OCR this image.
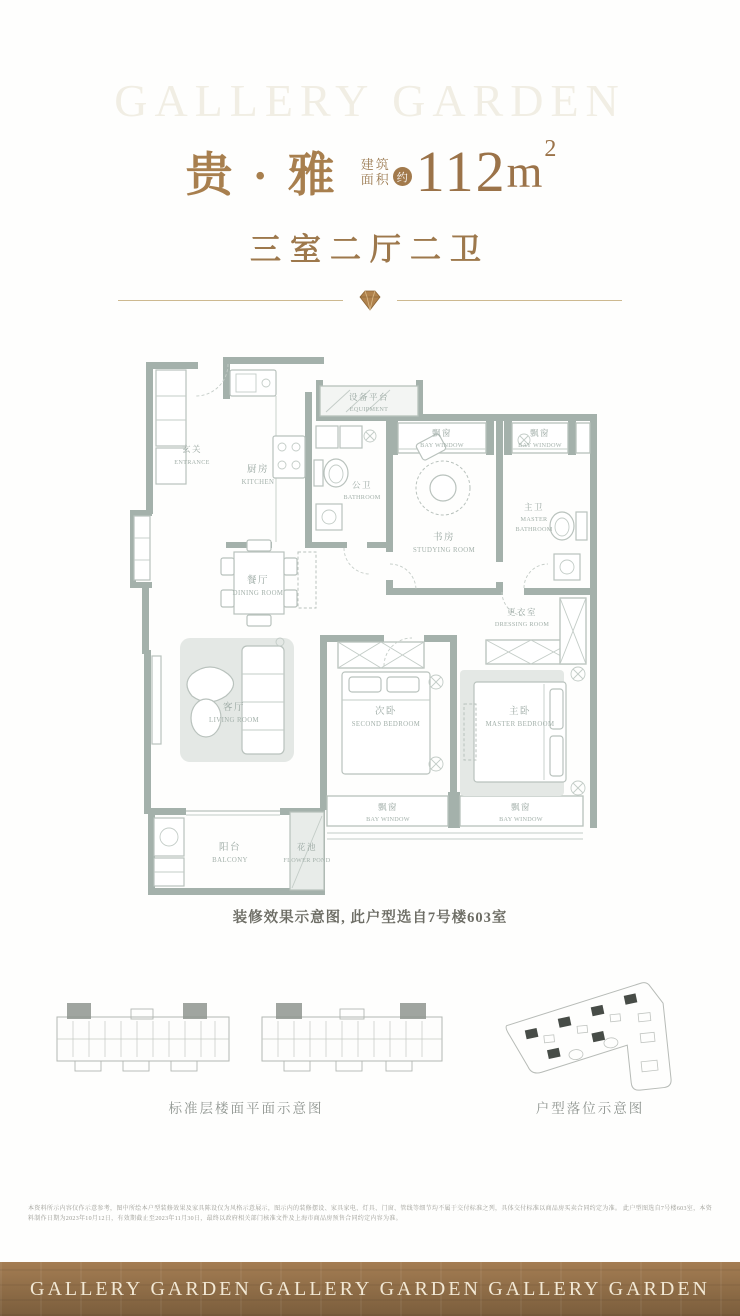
GALLERY GARDEN
贵 · 雅 建筑
面积 约 112 $m^2$
三室二厅二卫
玄关
ENTRANCE
厨房
KITCHEN
设备平台
EQUIPMENT
公卫
BATHROOM
飘窗
BAY WINDOW
飘窗
BAY WINDOW
书房
STUDYING ROOM
主卫
MASTER
BATHROOM
更衣室
DRESSING ROOM
餐厅
DINING ROOM
客厅
LIVING ROOM
次卧
SECOND BEDROOM
主卧
MASTER BEDROOM
飘窗
BAY WINDOW
飘窗
BAY WINDOW
阳台
BALCONY
花池
FLOWER POND
装修效果示意图, 此户型选自7号楼603室
标准层楼面平面示意图	户型落位示意图
本资料所示内容仅作示意参考，图中所绘本户型装修效果及家具陈设仅为风格示意展示，图示内的装修摆设、家具家电、灯具、门窗、管线等细节均不属于交付标准之列，具体交付标准以商品房买卖合同约定为准。 此户型图选自7号楼603室，本资料制作日期为2023年10月12日，有效期截止至2023年11月30日，最终以政府相关部门核准文件及上海市商品房预售合同约定内容为准。
GALLERY GARDEN GALLERY GARDEN GALLERY GARDEN
